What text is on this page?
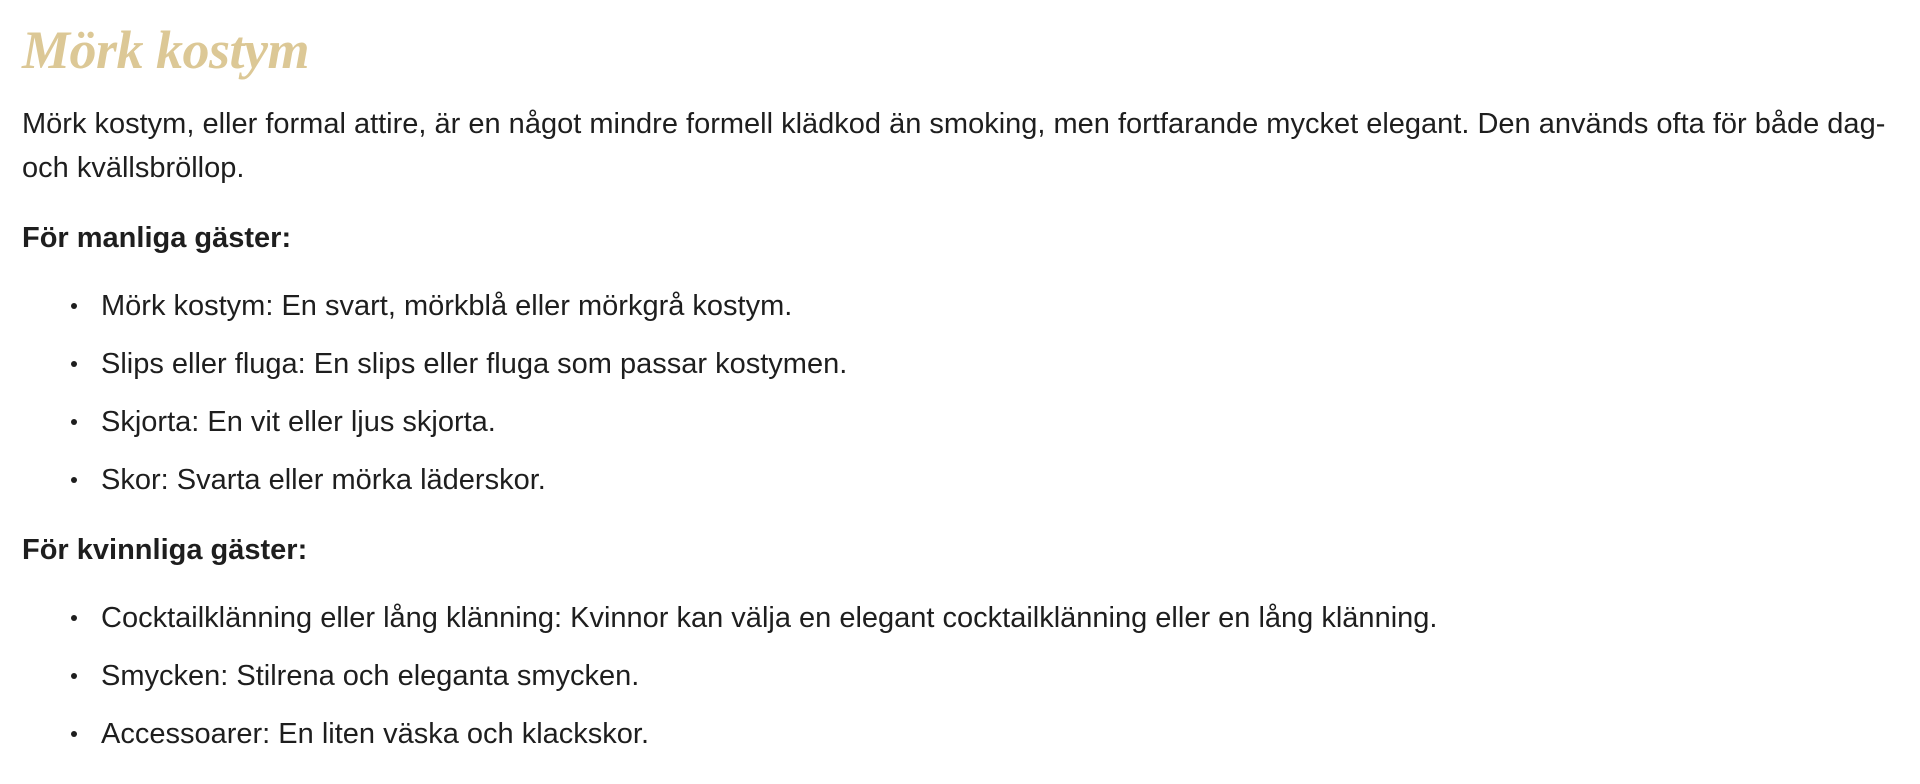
Mörk kostym

Mörk kostym, eller formal attire, är en något mindre formell klädkod än smoking, men fortfarande mycket elegant. Den används ofta för både dag- och kvällsbröllop.

För manliga gäster:
Mörk kostym: En svart, mörkblå eller mörkgrå kostym.
Slips eller fluga: En slips eller fluga som passar kostymen.
Skjorta: En vit eller ljus skjorta.
Skor: Svarta eller mörka läderskor.
För kvinnliga gäster:
Cocktailklänning eller lång klänning: Kvinnor kan välja en elegant cocktailklänning eller en lång klänning.
Smycken: Stilrena och eleganta smycken.
Accessoarer: En liten väska och klackskor.
